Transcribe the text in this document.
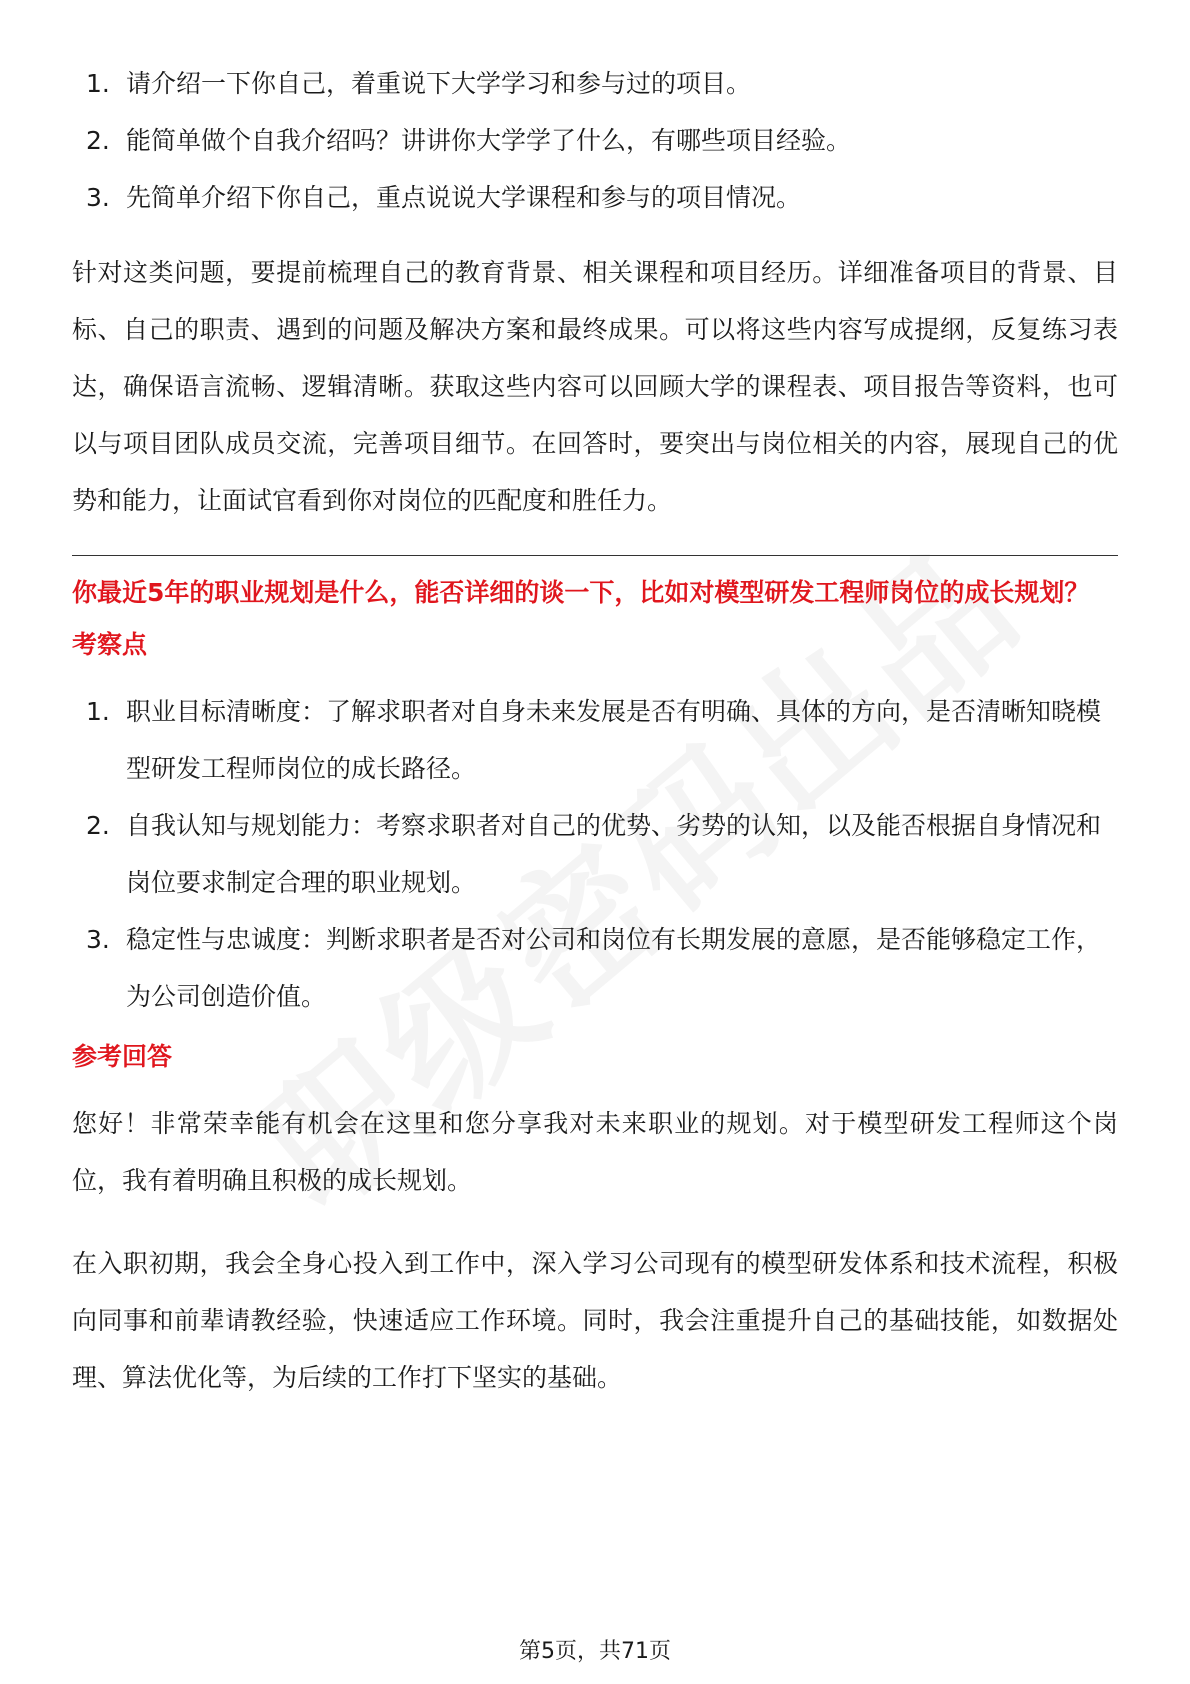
1. 请介绍一下你自己，着重说下大学学习和参与过的项目。
2. 能简单做个自我介绍吗？讲讲你大学学了什么，有哪些项目经验。
3. 先简单介绍下你自己，重点说说大学课程和参与的项目情况。

针对这类问题，要提前梳理自己的教育背景、相关课程和项目经历。详细准备项目的背景、目标、自己的职责、遇到的问题及解决方案和最终成果。可以将这些内容写成提纲，反复练习表达，确保语言流畅、逻辑清晰。获取这些内容可以回顾大学的课程表、项目报告等资料，也可以与项目团队成员交流，完善项目细节。在回答时，要突出与岗位相关的内容，展现自己的优势和能力，让面试官看到你对岗位的匹配度和胜任力。

你最近5年的职业规划是什么，能否详细的谈一下，比如对模型研发工程师岗位的成长规划？
考察点
1. 职业目标清晰度：了解求职者对自身未来发展是否有明确、具体的方向，是否清晰知晓模型研发工程师岗位的成长路径。
2. 自我认知与规划能力：考察求职者对自己的优势、劣势的认知，以及能否根据自身情况和岗位要求制定合理的职业规划。
3. 稳定性与忠诚度：判断求职者是否对公司和岗位有长期发展的意愿，是否能够稳定工作，为公司创造价值。
参考回答

您好！非常荣幸能有机会在这里和您分享我对未来职业的规划。对于模型研发工程师这个岗位，我有着明确且积极的成长规划。

在入职初期，我会全身心投入到工作中，深入学习公司现有的模型研发体系和技术流程，积极向同事和前辈请教经验，快速适应工作环境。同时，我会注重提升自己的基础技能，如数据处理、算法优化等，为后续的工作打下坚实的基础。

第5页，共71页
